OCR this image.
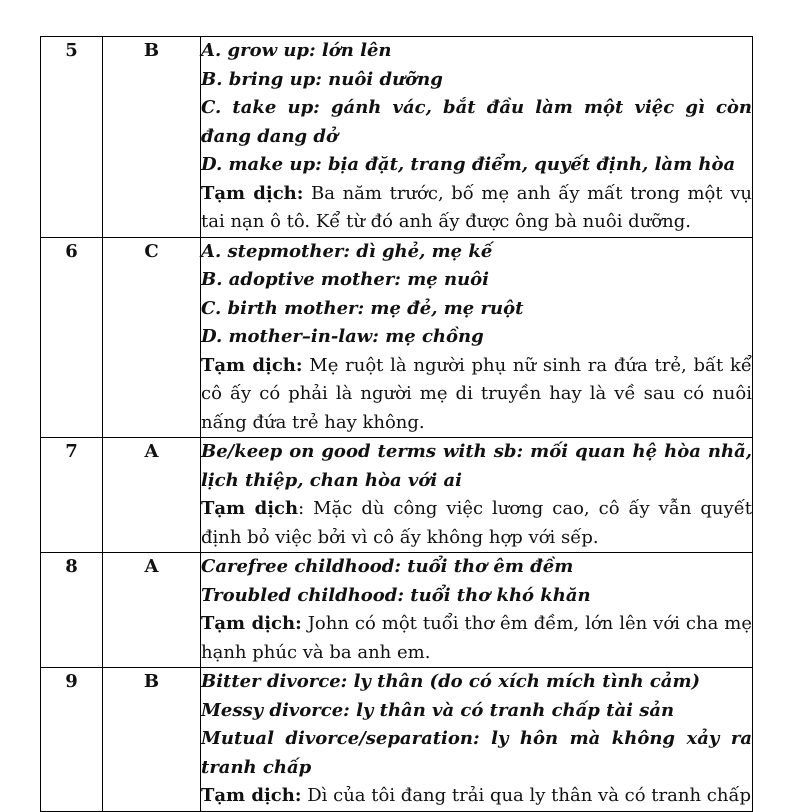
5	B	A. grow up: lớn lên
B. bring up: nuôi dưỡng
C. take up: gánh vác, bắt đầu làm một việc gì còn đang dang dở
D. make up: bịa đặt, trang điểm, quyết định, làm hòa
Tạm dịch: Ba năm trước, bố mẹ anh ấy mất trong một vụ tai nạn ô tô. Kể từ đó anh ấy được ông bà nuôi dưỡng.

6	C	A. stepmother: dì ghẻ, mẹ kế
B. adoptive mother: mẹ nuôi
C. birth mother: mẹ đẻ, mẹ ruột
D. mother–in-law: mẹ chồng
Tạm dịch: Mẹ ruột là người phụ nữ sinh ra đứa trẻ, bất kể cô ấy có phải là người mẹ di truyền hay là về sau có nuôi nấng đứa trẻ hay không.

7	A	Be/keep on good terms with sb: mối quan hệ hòa nhã, lịch thiệp, chan hòa với ai
Tạm dịch: Mặc dù công việc lương cao, cô ấy vẫn quyết định bỏ việc bởi vì cô ấy không hợp với sếp.

8	A	Carefree childhood: tuổi thơ êm đềm
Troubled childhood: tuổi thơ khó khăn
Tạm dịch: John có một tuổi thơ êm đềm, lớn lên với cha mẹ hạnh phúc và ba anh em.

9	B	Bitter divorce: ly thân (do có xích mích tình cảm)
Messy divorce: ly thân và có tranh chấp tài sản
Mutual divorce/separation: ly hôn mà không xảy ra tranh chấp
Tạm dịch: Dì của tôi đang trải qua ly thân và có tranh chấp
